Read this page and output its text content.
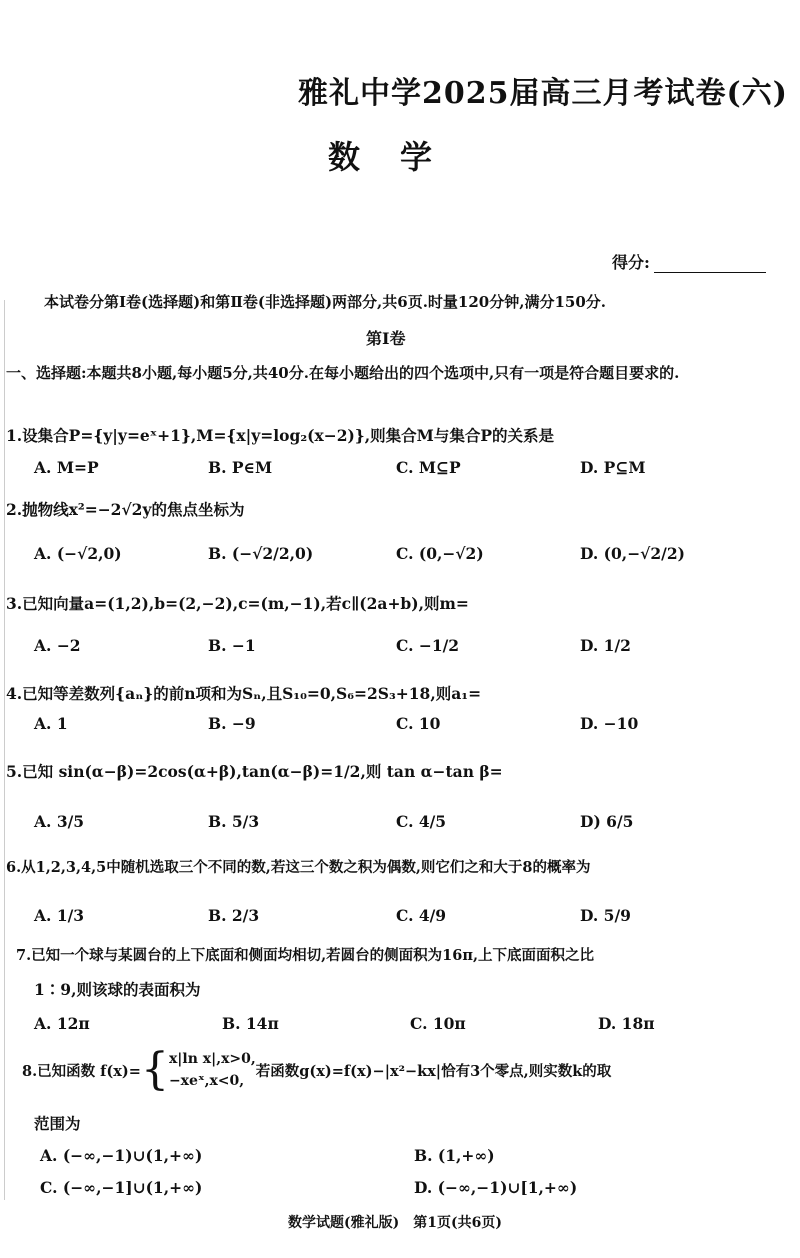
雅礼中学2025届高三月考试卷(六)
数学
得分:
本试卷分第Ⅰ卷(选择题)和第Ⅱ卷(非选择题)两部分,共6页.时量120分钟,满分150分.
第Ⅰ卷
一、选择题:本题共8小题,每小题5分,共40分.在每小题给出的四个选项中,只有一项是符合题目要求的.
1.设集合P={y|y=eˣ+1},M={x|y=log₂(x−2)},则集合M与集合P的关系是
A. M=P	B. P∈M	C. M⊆P	D. P⊆M
2.抛物线x²=−2√2y的焦点坐标为
A. (−√2,0)	B. (−√2/2,0)	C. (0,−√2)	D. (0,−√2/2)
3.已知向量a=(1,2),b=(2,−2),c=(m,−1),若c∥(2a+b),则m=
A. −2	B. −1	C. −1/2	D. 1/2
4.已知等差数列{aₙ}的前n项和为Sₙ,且S₁₀=0,S₆=2S₃+18,则a₁=
A. 1	B. −9	C. 10	D. −10
5.已知 sin(α−β)=2cos(α+β),tan(α−β)=1/2,则 tan α−tan β=
A. 3/5	B. 5/3	C. 4/5	D) 6/5
6.从1,2,3,4,5中随机选取三个不同的数,若这三个数之积为偶数,则它们之和大于8的概率为
A. 1/3	B. 2/3	C. 4/9	D. 5/9
7.已知一个球与某圆台的上下底面和侧面均相切,若圆台的侧面积为16π,上下底面面积之比
1∶9,则该球的表面积为
A. 12π	B. 14π	C. 10π	D. 18π
8.已知函数 f(x)= { x|ln x|,x>0,
−xeˣ,x<0,
若函数g(x)=f(x)−|x²−kx|恰有3个零点,则实数k的取
范围为
A. (−∞,−1)∪(1,+∞)	B. (1,+∞)
C. (−∞,−1]∪(1,+∞)	D. (−∞,−1)∪[1,+∞)
数学试题(雅礼版)　第1页(共6页)
